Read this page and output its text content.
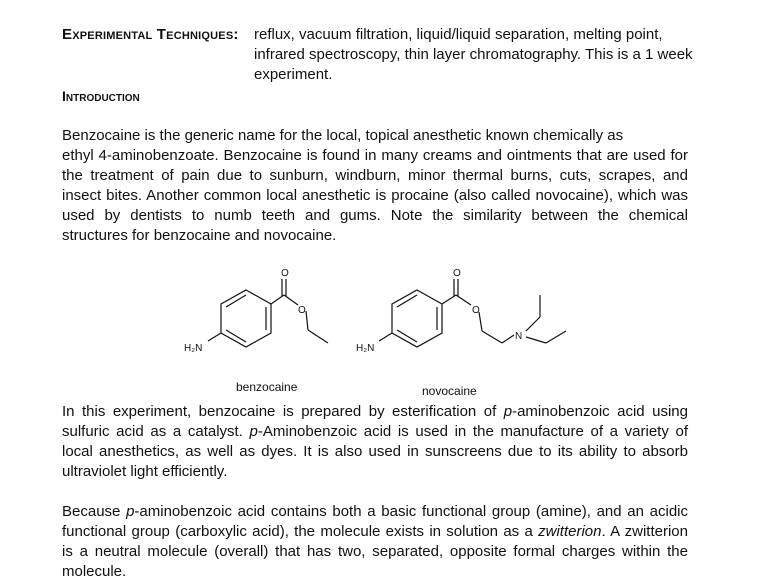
Experimental Techniques: reflux, vacuum filtration, liquid/liquid separation, melting point, infrared spectroscopy, thin layer chromatography. This is a 1 week experiment.
Introduction
Benzocaine is the generic name for the local, topical anesthetic known chemically as
ethyl 4-aminobenzoate. Benzocaine is found in many creams and ointments that are used for
the treatment of pain due to sunburn, windburn, minor thermal burns, cuts, scrapes, and
insect bites. Another common local anesthetic is procaine (also called novocaine), which was
used by dentists to numb teeth and gums. Note the similarity between the chemical
structures for benzocaine and novocaine.
H₂N
O
O
H₂N
O
O
N
benzocaine	novocaine
In this experiment, benzocaine is prepared by esterification of p-aminobenzoic acid using
sulfuric acid as a catalyst. p-Aminobenzoic acid is used in the manufacture of a variety of
local anesthetics, as well as dyes. It is also used in sunscreens due to its ability to absorb
ultraviolet light efficiently.
Because p-aminobenzoic acid contains both a basic functional group (amine), and an acidic
functional group (carboxylic acid), the molecule exists in solution as a zwitterion. A zwitterion
is a neutral molecule (overall) that has two, separated, opposite formal charges within the
molecule.
